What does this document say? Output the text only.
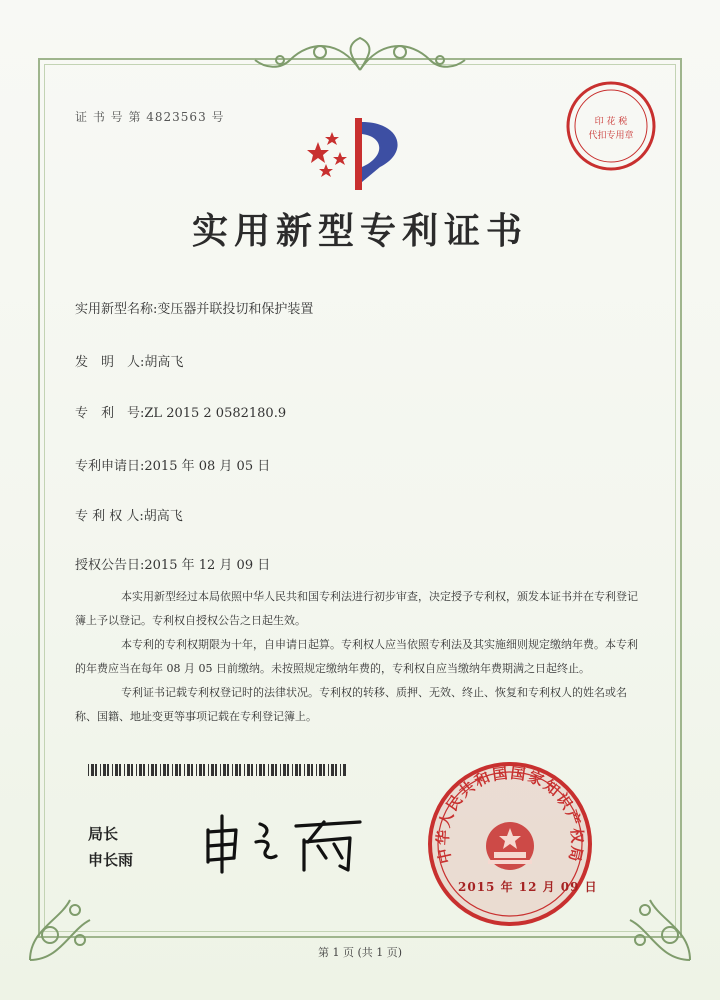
证 书 号 第 4823563 号
实用新型专利证书
实用新型名称:变压器并联投切和保护装置
发　明　人:胡高飞
专　利　号:ZL 2015 2 0582180.9
专利申请日:2015 年 08 月 05 日
专 利 权 人:胡高飞
授权公告日:2015 年 12 月 09 日

本实用新型经过本局依照中华人民共和国专利法进行初步审查，决定授予专利权，颁发本证书并在专利登记簿上予以登记。专利权自授权公告之日起生效。

本专利的专利权期限为十年，自申请日起算。专利权人应当依照专利法及其实施细则规定缴纳年费。本专利的年费应当在每年 08 月 05 日前缴纳。未按照规定缴纳年费的，专利权自应当缴纳年费期满之日起终止。

专利证书记载专利权登记时的法律状况。专利权的转移、质押、无效、终止、恢复和专利权人的姓名或名称、国籍、地址变更等事项记载在专利登记簿上。

局长
申长雨
印 花 税
代扣专用章
中华人民共和国国家知识产权局
2015 年 12 月 09 日
第 1 页 (共 1 页)
